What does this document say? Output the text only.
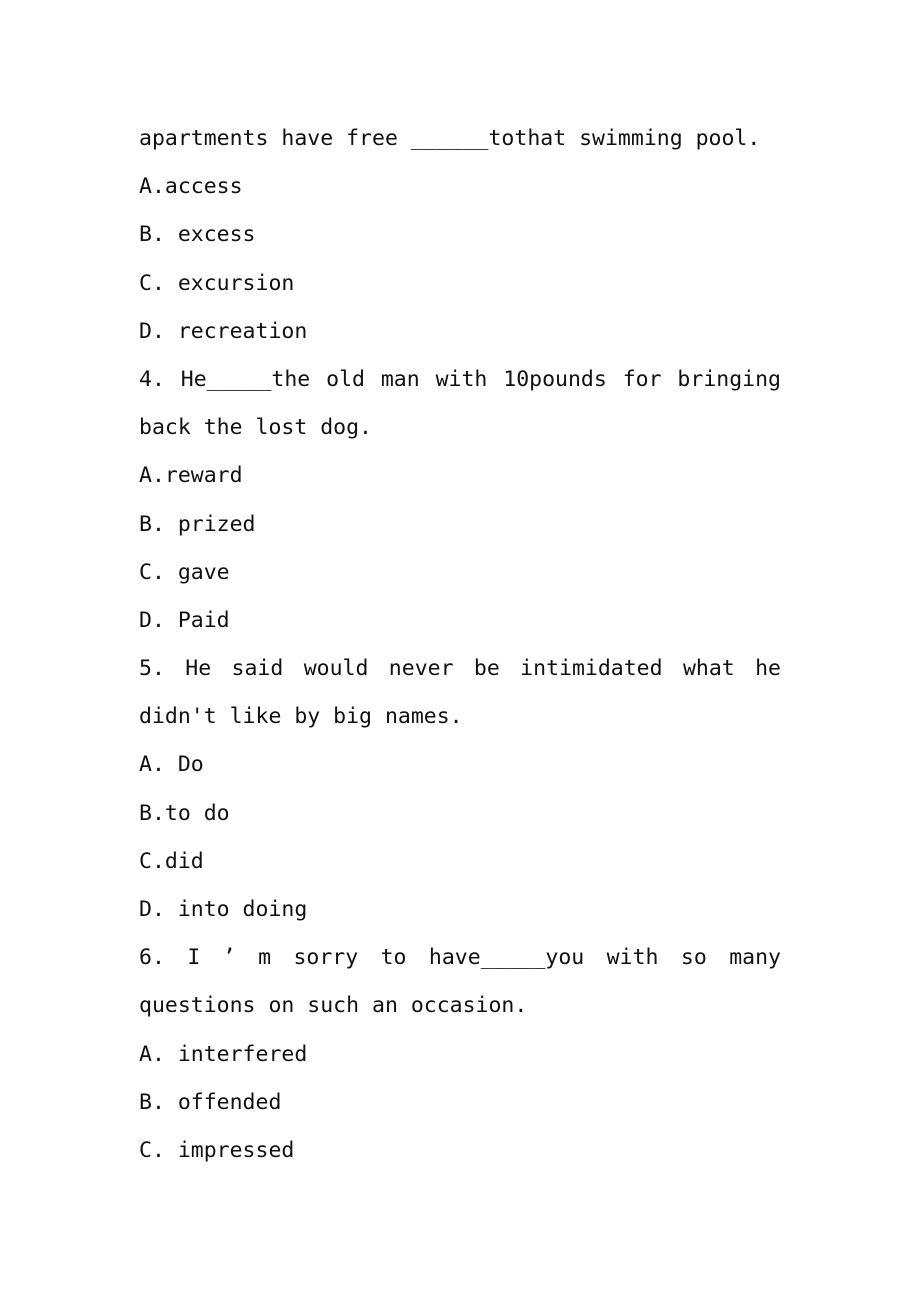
apartments have free ______tothat swimming pool.
A.access
B. excess
C. excursion
D. recreation
4. He_____the old man with 10pounds for bringing
back the lost dog.
A.reward
B. prized
C. gave
D. Paid
5. He said would never be intimidated what he
didn't like by big names.
A. Do
B.to do
C.did
D. into doing
6. I ’ m sorry to have_____you with so many
questions on such an occasion.
A. interfered
B. offended
C. impressed
